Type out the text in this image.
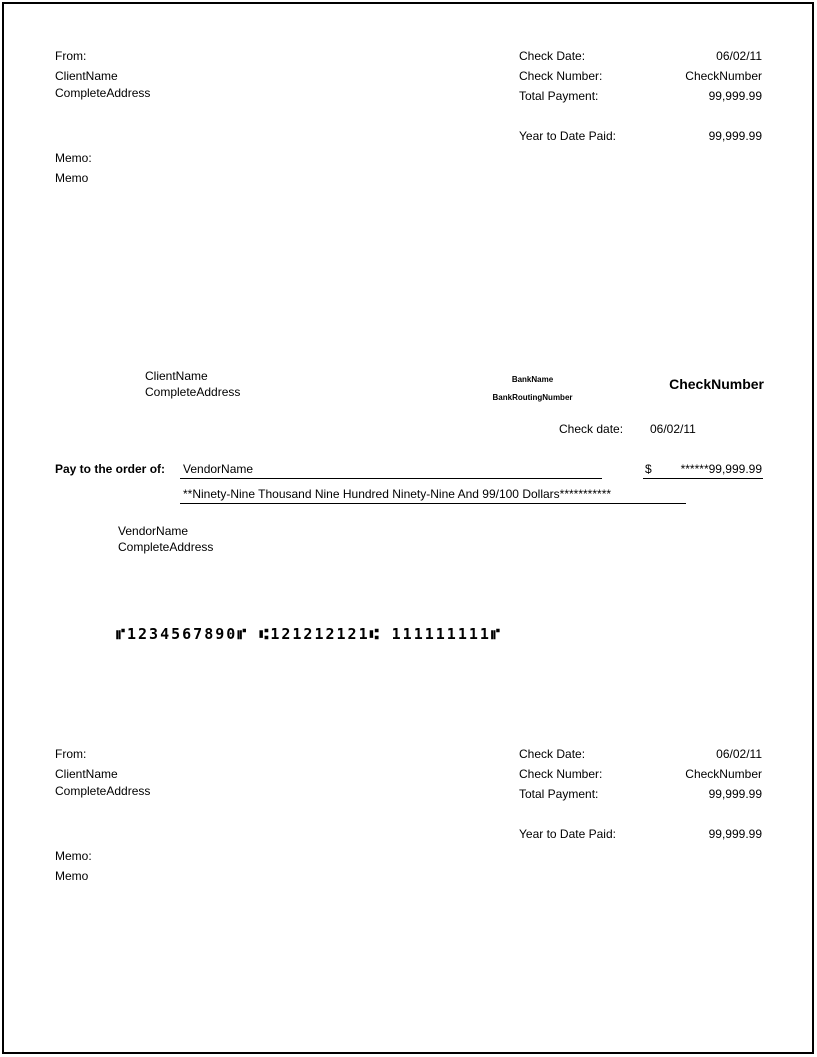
From:
ClientName
CompleteAddress
Memo:
Memo
Check Date:	06/02/11
Check Number:	CheckNumber
Total Payment:	99,999.99
Year to Date Paid:	99,999.99
ClientName
CompleteAddress
BankName
BankRoutingNumber
CheckNumber
Check date: 06/02/11
Pay to the order of: VendorName	$	******99,999.99
**Ninety-Nine Thousand Nine Hundred Ninety-Nine And 99/100 Dollars***********
VendorName
CompleteAddress
⑈1234567890⑈ ⑆121212121⑆ 111111111⑈
From:
ClientName
CompleteAddress
Memo:
Memo
Check Date:	06/02/11
Check Number:	CheckNumber
Total Payment:	99,999.99
Year to Date Paid:	99,999.99
